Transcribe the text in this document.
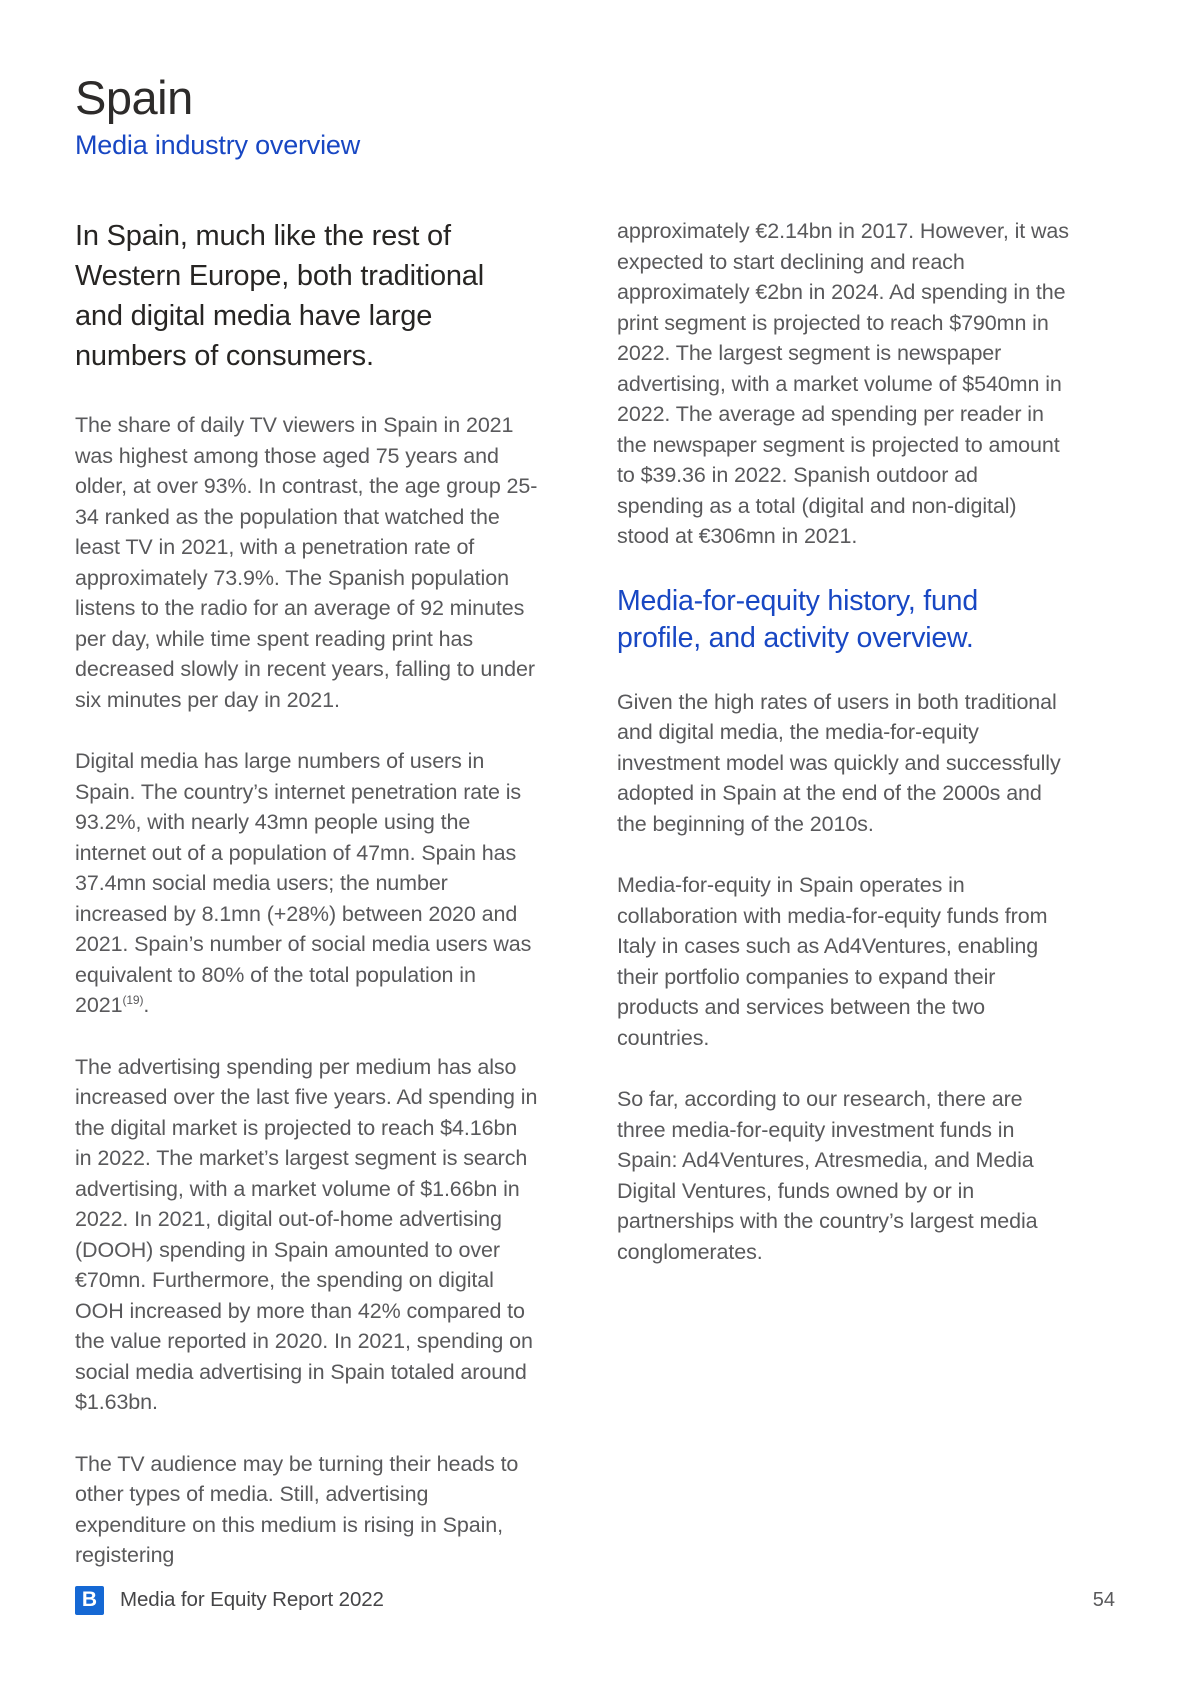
Spain
Media industry overview
In Spain, much like the rest of Western Europe, both traditional and digital media have large numbers of consumers.

The share of daily TV viewers in Spain in 2021 was highest among those aged 75 years and older, at over 93%. In contrast, the age group 25-34 ranked as the population that watched the least TV in 2021, with a penetration rate of approximately 73.9%. The Spanish population listens to the radio for an average of 92 minutes per day, while time spent reading print has decreased slowly in recent years, falling to under six minutes per day in 2021.

Digital media has large numbers of users in Spain. The country’s internet penetration rate is 93.2%, with nearly 43mn people using the internet out of a population of 47mn. Spain has 37.4mn social media users; the number increased by 8.1mn (+28%) between 2020 and 2021. Spain’s number of social media users was equivalent to 80% of the total population in 2021$^{(19)}$.

The advertising spending per medium has also increased over the last five years. Ad spending in the digital market is projected to reach $4.16bn in 2022. The market’s largest segment is search advertising, with a market volume of $1.66bn in 2022. In 2021, digital out-of-home advertising (DOOH) spending in Spain amounted to over €70mn. Furthermore, the spending on digital OOH increased by more than 42% compared to the value reported in 2020. In 2021, spending on social media advertising in Spain totaled around $1.63bn.

The TV audience may be turning their heads to other types of media. Still, advertising expenditure on this medium is rising in Spain, registering

approximately €2.14bn in 2017. However, it was expected to start declining and reach approximately €2bn in 2024. Ad spending in the print segment is projected to reach $790mn in 2022. The largest segment is newspaper advertising, with a market volume of $540mn in 2022. The average ad spending per reader in the newspaper segment is projected to amount to $39.36 in 2022. Spanish outdoor ad spending as a total (digital and non-digital) stood at €306mn in 2021.

Media-for-equity history, fund profile, and activity overview.

Given the high rates of users in both traditional and digital media, the media-for-equity investment model was quickly and successfully adopted in Spain at the end of the 2000s and the beginning of the 2010s.

Media-for-equity in Spain operates in collaboration with media-for-equity funds from Italy in cases such as Ad4Ventures, enabling their portfolio companies to expand their products and services between the two countries.

So far, according to our research, there are three media-for-equity investment funds in Spain: Ad4Ventures, Atresmedia, and Media Digital Ventures, funds owned by or in partnerships with the country’s largest media conglomerates.

B	Media for Equity Report 2022	54
